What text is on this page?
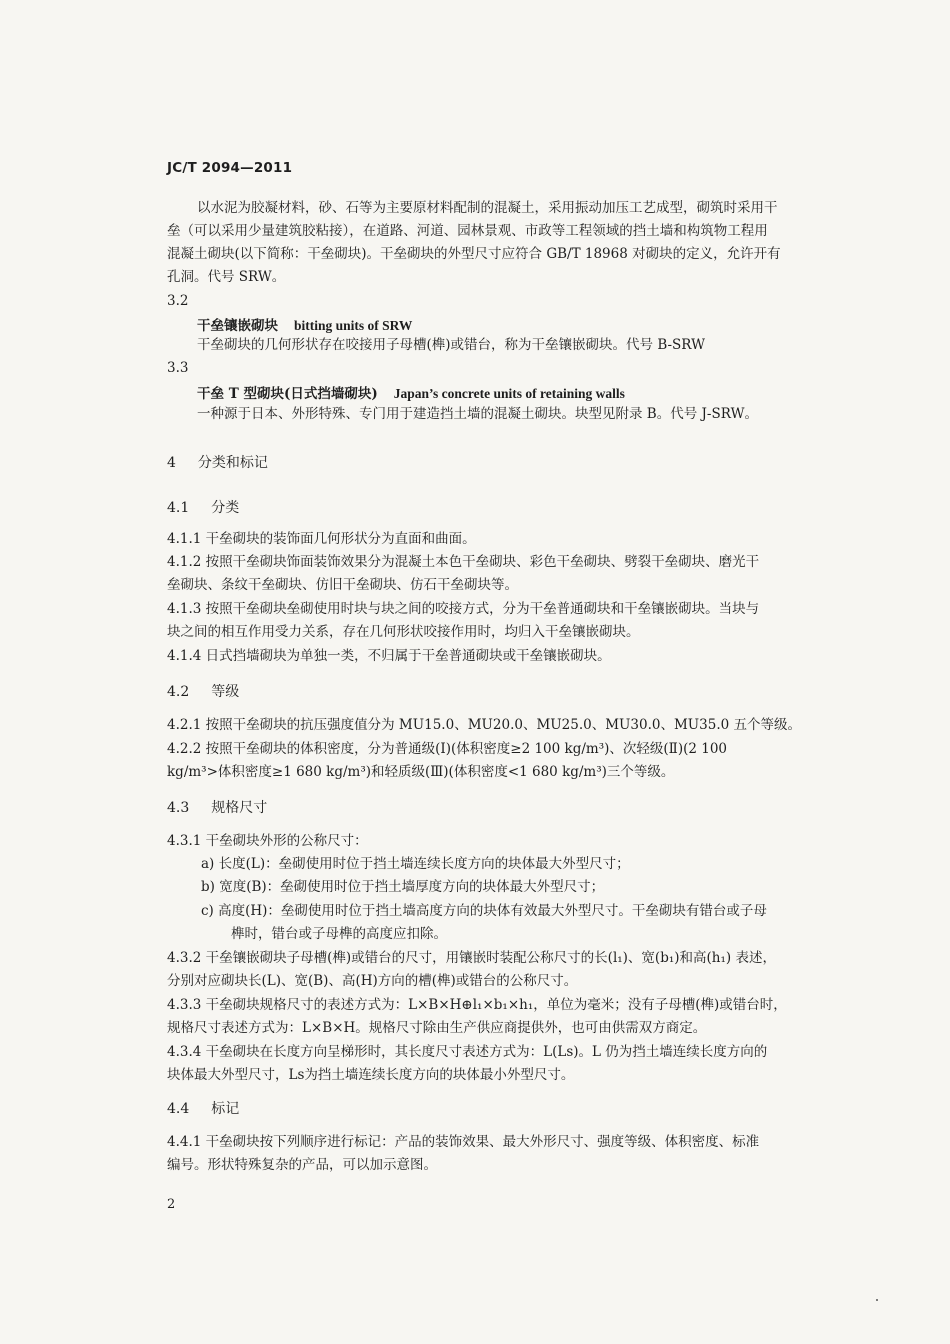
JC/T 2094—2011
以水泥为胶凝材料，砂、石等为主要原材料配制的混凝土，采用振动加压工艺成型，砌筑时采用干
垒（可以采用少量建筑胶粘接），在道路、河道、园林景观、市政等工程领域的挡土墙和构筑物工程用
混凝土砌块(以下简称：干垒砌块)。干垒砌块的外型尺寸应符合 GB/T 18968 对砌块的定义，允许开有
孔洞。代号 SRW。
3.2
干垒镶嵌砌块 bitting units of SRW
干垒砌块的几何形状存在咬接用子母槽(榫)或错台，称为干垒镶嵌砌块。代号 B-SRW
3.3
干垒 T 型砌块(日式挡墙砌块) Japan’s concrete units of retaining walls
一种源于日本、外形特殊、专门用于建造挡土墙的混凝土砌块。块型见附录 B。代号 J-SRW。
4 分类和标记
4.1 分类
4.1.1 干垒砌块的装饰面几何形状分为直面和曲面。
4.1.2 按照干垒砌块饰面装饰效果分为混凝土本色干垒砌块、彩色干垒砌块、劈裂干垒砌块、磨光干
垒砌块、条纹干垒砌块、仿旧干垒砌块、仿石干垒砌块等。
4.1.3 按照干垒砌块垒砌使用时块与块之间的咬接方式，分为干垒普通砌块和干垒镶嵌砌块。当块与
块之间的相互作用受力关系，存在几何形状咬接作用时，均归入干垒镶嵌砌块。
4.1.4 日式挡墙砌块为单独一类，不归属于干垒普通砌块或干垒镶嵌砌块。
4.2 等级
4.2.1 按照干垒砌块的抗压强度值分为 MU15.0、MU20.0、MU25.0、MU30.0、MU35.0 五个等级。
4.2.2 按照干垒砌块的体积密度，分为普通级(Ⅰ)(体积密度≥2 100 kg/m³)、次轻级(Ⅱ)(2 100
kg/m³>体积密度≥1 680 kg/m³)和轻质级(Ⅲ)(体积密度<1 680 kg/m³)三个等级。
4.3 规格尺寸
4.3.1 干垒砌块外形的公称尺寸：
a) 长度(L)：垒砌使用时位于挡土墙连续长度方向的块体最大外型尺寸；
b) 宽度(B)：垒砌使用时位于挡土墙厚度方向的块体最大外型尺寸；
c) 高度(H)：垒砌使用时位于挡土墙高度方向的块体有效最大外型尺寸。干垒砌块有错台或子母
榫时，错台或子母榫的高度应扣除。
4.3.2 干垒镶嵌砌块子母槽(榫)或错台的尺寸，用镶嵌时装配公称尺寸的长(l₁)、宽(b₁)和高(h₁) 表述，
分别对应砌块长(L)、宽(B)、高(H)方向的槽(榫)或错台的公称尺寸。
4.3.3 干垒砌块规格尺寸的表述方式为：L×B×H⊕l₁×b₁×h₁，单位为毫米；没有子母槽(榫)或错台时，
规格尺寸表述方式为：L×B×H。规格尺寸除由生产供应商提供外，也可由供需双方商定。
4.3.4 干垒砌块在长度方向呈梯形时，其长度尺寸表述方式为：L(Ls)。L 仍为挡土墙连续长度方向的
块体最大外型尺寸，Ls为挡土墙连续长度方向的块体最小外型尺寸。
4.4 标记
4.4.1 干垒砌块按下列顺序进行标记：产品的装饰效果、最大外形尺寸、强度等级、体积密度、标准
编号。形状特殊复杂的产品，可以加示意图。
2
